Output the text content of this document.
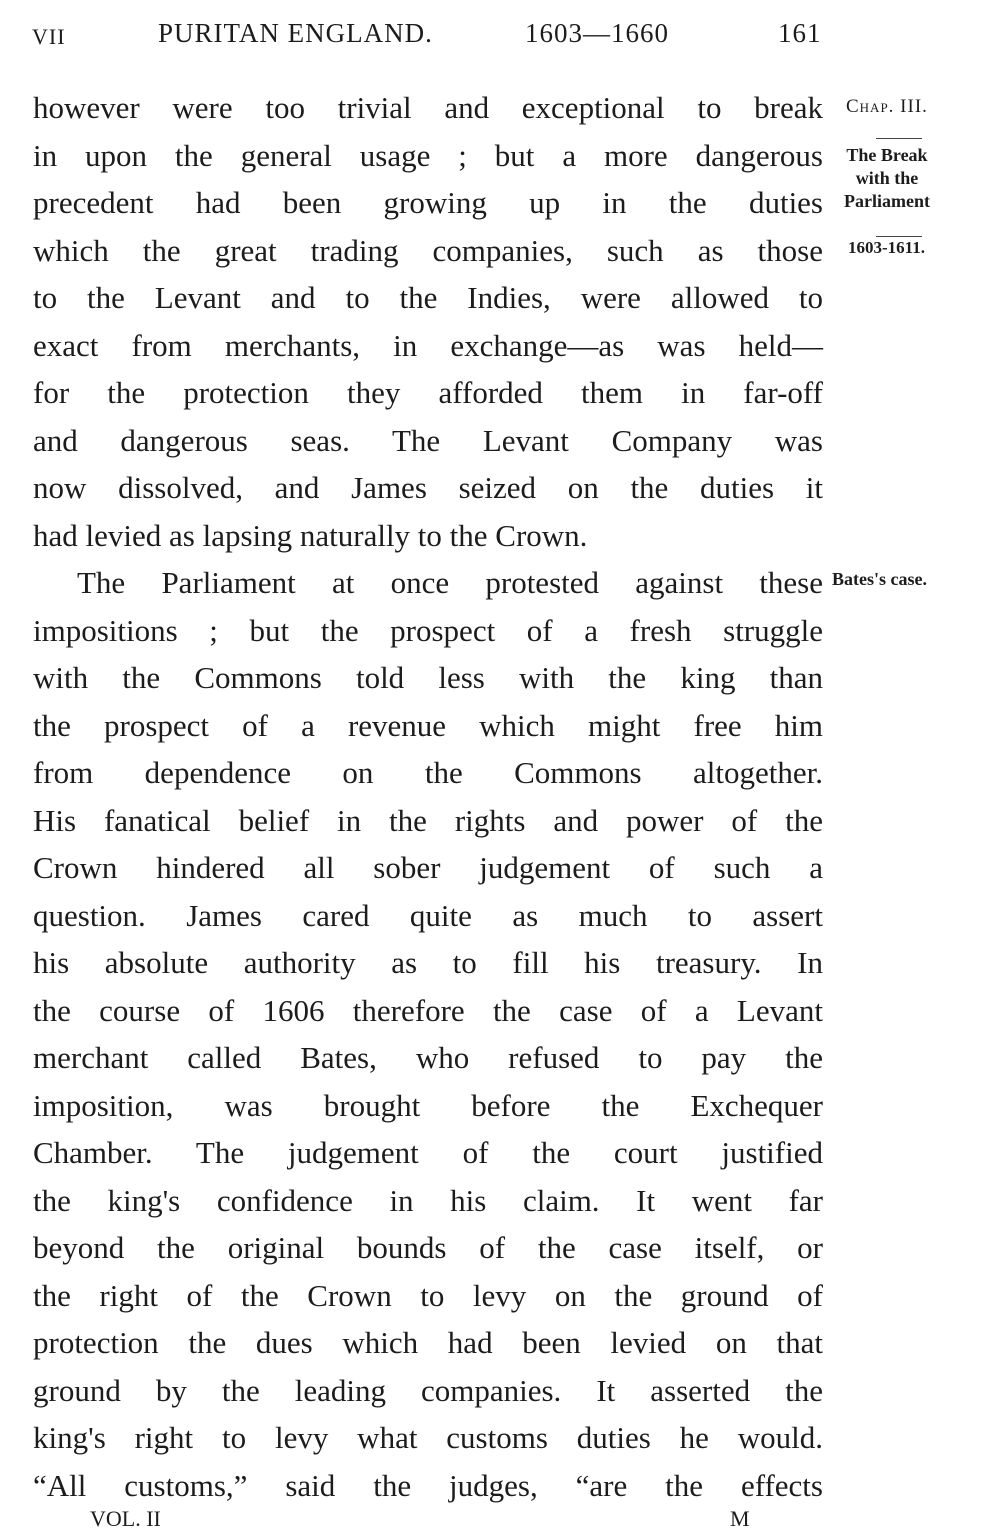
VII	PURITAN ENGLAND.	1603—1660	161
however were too trivial and exceptional to break
in upon the general usage ; but a more dangerous
precedent had been growing up in the duties
which the great trading companies, such as those
to the Levant and to the Indies, were allowed to
exact from merchants, in exchange—as was held—
for the protection they afforded them in far-off
and dangerous seas. The Levant Company was
now dissolved, and James seized on the duties it
had levied as lapsing naturally to the Crown.
The Parliament at once protested against these
impositions ; but the prospect of a fresh struggle
with the Commons told less with the king than
the prospect of a revenue which might free him
from dependence on the Commons altogether.
His fanatical belief in the rights and power of the
Crown hindered all sober judgement of such a
question. James cared quite as much to assert
his absolute authority as to fill his treasury. In
the course of 1606 therefore the case of a Levant
merchant called Bates, who refused to pay the
imposition, was brought before the Exchequer
Chamber. The judgement of the court justified
the king's confidence in his claim. It went far
beyond the original bounds of the case itself, or
the right of the Crown to levy on the ground of
protection the dues which had been levied on that
ground by the leading companies. It asserted the
king's right to levy what customs duties he would.
“All customs,” said the judges, “are the effects
Chap. III.
The Break
with the
Parliament
1603-1611.
Bates's case.
VOL. II	M
